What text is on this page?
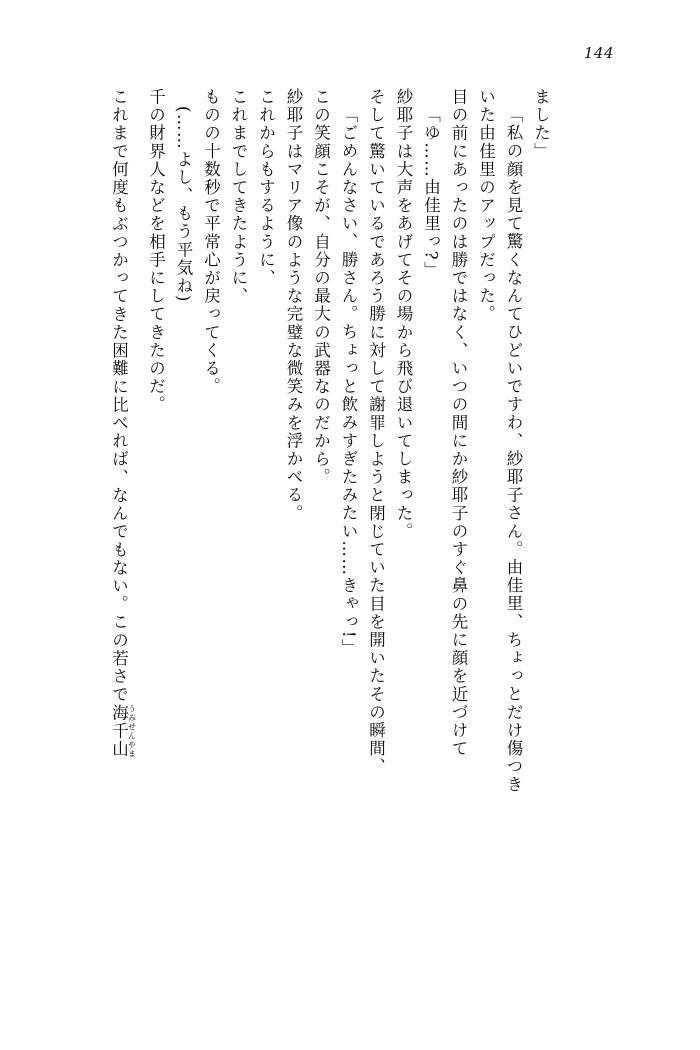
144
これまで何度もぶつかってきた困難に比べれば、なんでもない。この若さで海 うみ千 せん山 やま
千の財界人などを相手にしてきたのだ。 (……よし、もう平気ね) ものの十数秒で平常心が戻ってくる。 これまでしてきたように、 これからもするように、 紗耶子はマリア像のような完璧な微笑みを浮かべる。 この笑顔こそが、自分の最大の武器なのだから。 「ごめんなさい、勝さん。ちょっと飲みすぎたみたい……きゃっ!」 そして驚いているであろう勝に対して謝罪しようと閉じていた目を開いたその瞬間、 紗耶子は大声をあげてその場から飛び退いてしまった。 「ゆ……由佳里っ?」 目の前にあったのは勝ではなく、いつの間にか紗耶子のすぐ鼻の先に顔を近づけて いた由佳里のアップだった。 「私の顔を見て驚くなんてひどいですわ、紗耶子さん。由佳里、ちょっとだけ傷つき ました」
